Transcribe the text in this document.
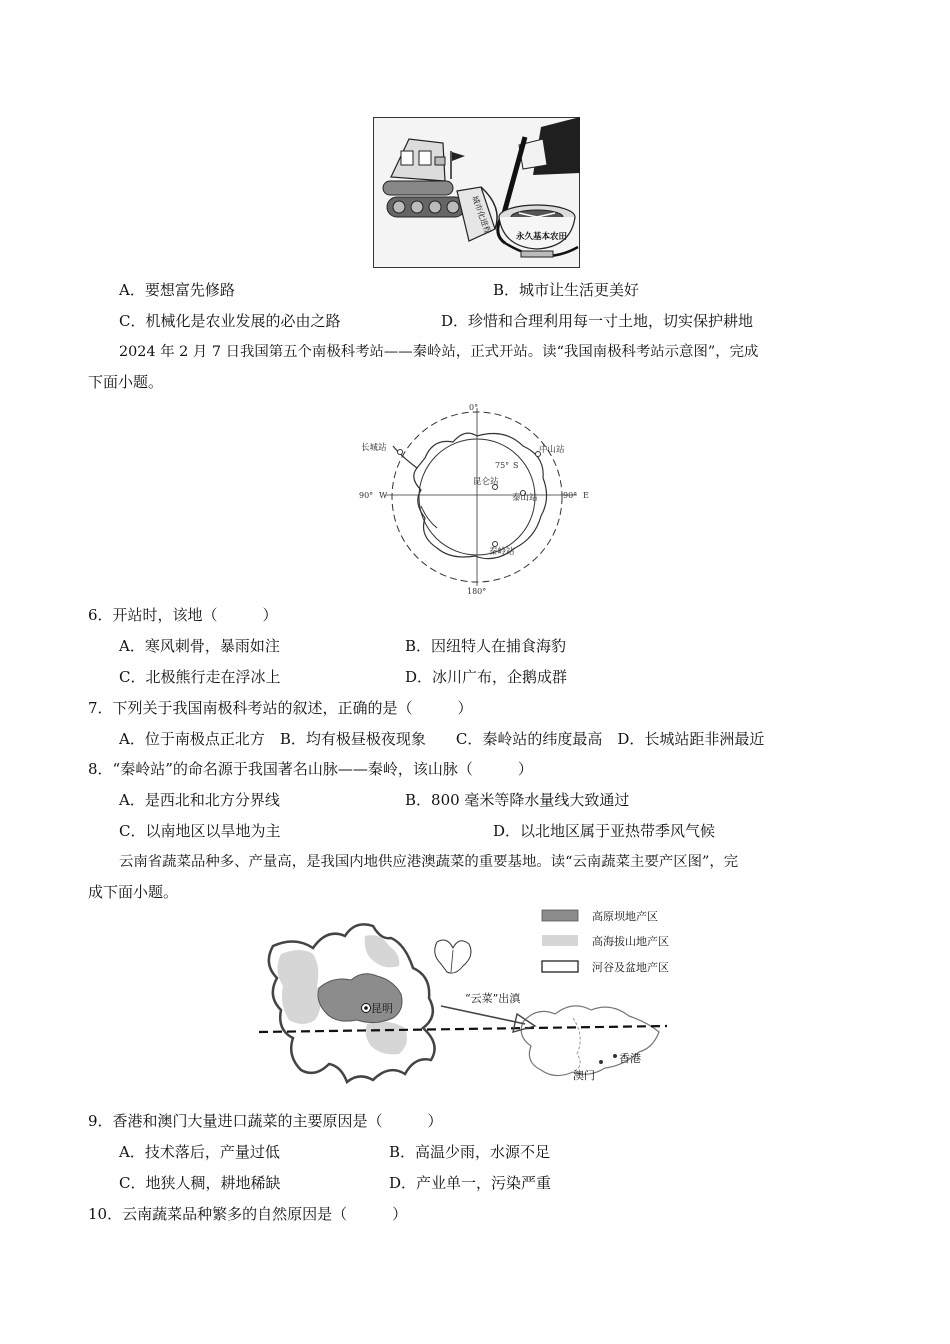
城市化进程
永久基本农田
A．要想富先修路	B．城市让生活更美好
C．机械化是农业发展的必由之路	D．珍惜和合理利用每一寸土地，切实保护耕地
2024 年 2 月 7 日我国第五个南极科考站——秦岭站，正式开站。读“我国南极科考站示意图”，完成
下面小题。
0°
180°
90° W	90° E
S
75°
长城站	中山站
昆仑站
泰山站
秦岭站
6．开站时，该地（　　　）
A．寒风刺骨，暴雨如注	B．因纽特人在捕食海豹
C．北极熊行走在浮冰上	D．冰川广布，企鹅成群
7．下列关于我国南极科考站的叙述，正确的是（　　　）
A．位于南极点正北方　B．均有极昼极夜现象　　C．秦岭站的纬度最高　D．长城站距非洲最近
8．“秦岭站”的命名源于我国著名山脉——秦岭，该山脉（　　　）
A．是西北和北方分界线	B．800 毫米等降水量线大致通过
C．以南地区以旱地为主	D．以北地区属于亚热带季风气候
云南省蔬菜品种多、产量高，是我国内地供应港澳蔬菜的重要基地。读“云南蔬菜主要产区图”，完
成下面小题。
高原坝地产区
高海拔山地产区
河谷及盆地产区
昆明
“云菜”出滇
香港
澳门
9．香港和澳门大量进口蔬菜的主要原因是（　　　）
A．技术落后，产量过低	B．高温少雨，水源不足
C．地狭人稠，耕地稀缺	D．产业单一，污染严重
10．云南蔬菜品种繁多的自然原因是（　　　）
